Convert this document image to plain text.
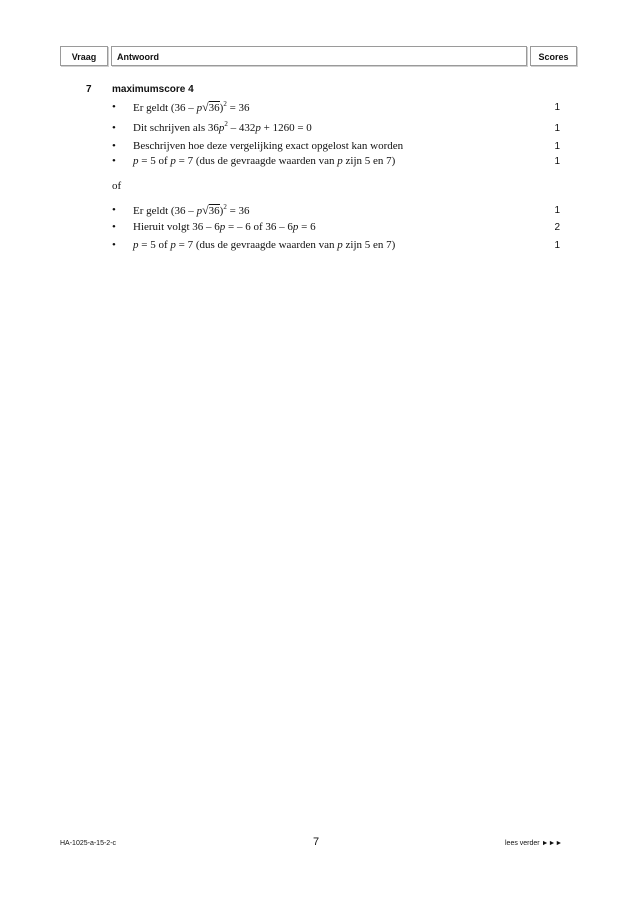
Vraag	Antwoord	Scores
7 maximumscore 4
• Er geldt (36 – p√36)$^2$ = 36	1
• Dit schrijven als $36p^2 - 432p + 1260 = 0$	1
• Beschrijven hoe deze vergelijking exact opgelost kan worden	1
• p = 5 of p = 7 (dus de gevraagde waarden van p zijn 5 en 7)	1
of
• Er geldt (36 – p√36)$^2$ = 36	1
• Hieruit volgt 36 – 6p = – 6 of 36 – 6p = 6	2
• p = 5 of p = 7 (dus de gevraagde waarden van p zijn 5 en 7)	1
HA-1025-a-15-2-c	7	lees verder ►►►
